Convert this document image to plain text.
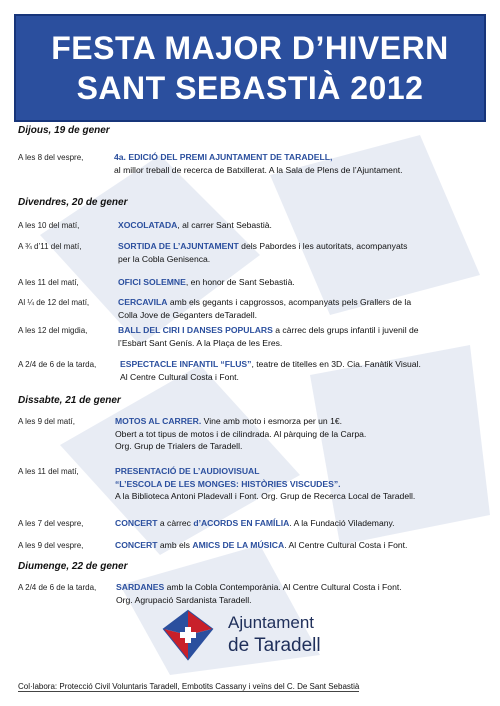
FESTA MAJOR D’HIVERN
SANT SEBASTIÀ 2012
Dijous, 19 de gener
A les 8 del vespre,	4a. EDICIÓ DEL PREMI AJUNTAMENT DE TARADELL,
al millor treball de recerca de Batxillerat. A la Sala de Plens de l’Ajuntament.
Divendres, 20 de gener
A les 10 del matí,	XOCOLATADA, al carrer Sant Sebastià.
A ¾ d’11 del matí,	SORTIDA DE L’AJUNTAMENT dels Pabordes i les autoritats, acompanyats
per la Cobla Genisenca.
A les 11 del matí,	OFICI SOLEMNE, en honor de Sant Sebastià.
Al ¼ de 12 del matí,	CERCAVILA amb els gegants i capgrossos, acompanyats pels Grallers de la
Colla Jove de Geganters deTaradell.
A les 12 del migdia,	BALL DEL CIRI I DANSES POPULARS a càrrec dels grups infantil i juvenil de
l’Esbart Sant Genís. A la Plaça de les Eres.
A 2/4 de 6 de la tarda,	ESPECTACLE INFANTIL “FLUS”, teatre de titelles en 3D. Cia. Fanàtik Visual.
Al Centre Cultural Costa i Font.
Dissabte, 21 de gener
A les 9 del matí,	MOTOS AL CARRER. Vine amb moto i esmorza per un 1€.
Obert a tot tipus de motos i de cilindrada. Al pàrquing de la Carpa.
Org. Grup de Trialers de Taradell.
A les 11 del matí,	PRESENTACIÓ DE L’AUDIOVISUAL
“L’ESCOLA DE LES MONGES: HISTÒRIES VISCUDES”.
A la Biblioteca Antoni Pladevall i Font. Org. Grup de Recerca Local de Taradell.
A les 7 del vespre,	CONCERT a càrrec d’ACORDS EN FAMÍLIA. A la Fundació Vilademany.
A les 9 del vespre,	CONCERT amb els AMICS DE LA MÚSICA. Al Centre Cultural Costa i Font.
Diumenge, 22 de gener
A 2/4 de 6 de la tarda, SARDANES amb la Cobla Contemporània. Al Centre Cultural Costa i Font.
Org. Agrupació Sardanista Taradell.
Ajuntament
de Taradell
Col·labora: Protecció Civil Voluntaris Taradell, Embotits Cassany i veïns del C. De Sant Sebastià
